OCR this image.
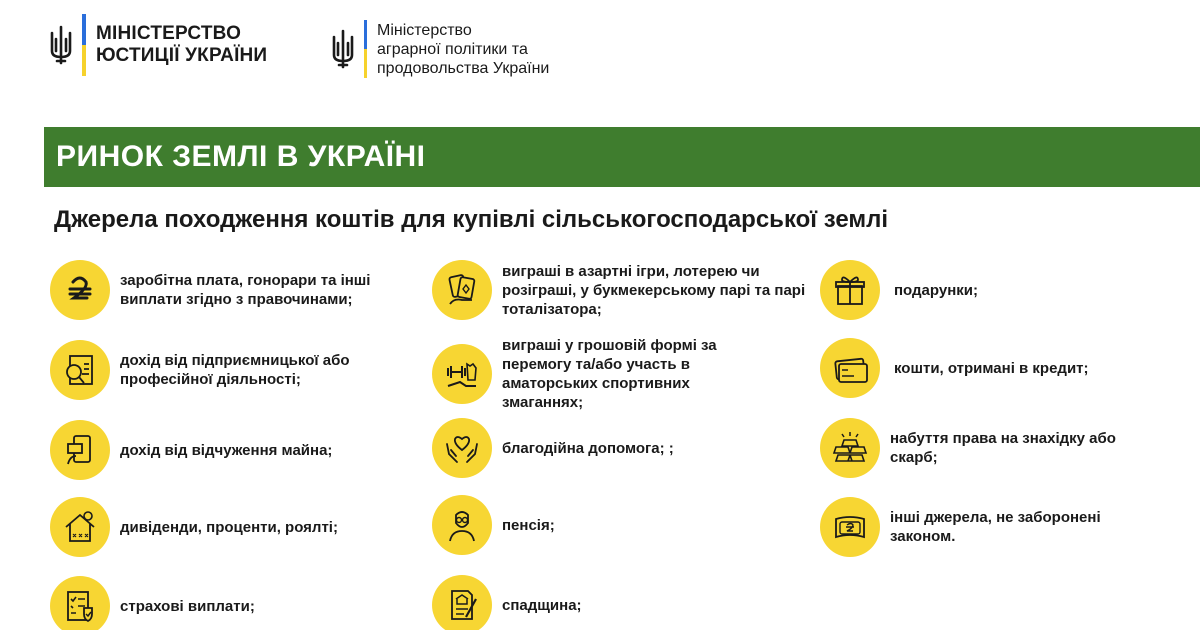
МІНІСТЕРСТВО
ЮСТИЦІЇ УКРАЇНИ
Міністерство
аграрної політики та
продовольства України
РИНОК ЗЕМЛІ В УКРАЇНІ
Джерела походження коштів для купівлі сільськогосподарської землі
заробітна плата, гонорари та інші виплати згідно з правочинами;
дохід від підприємницької або професійної діяльності;
дохід від відчуження майна;
дивіденди, проценти, роялті;
страхові виплати;
виграші в азартні ігри, лотерею чи розіграші, у букмекерському парі та парі тоталізатора;
виграші у грошовій формі за перемогу та/або участь в аматорських спортивних змаганнях;
благодійна допомога; ;
пенсія;
спадщина;
подарунки;
кошти, отримані в кредит;
набуття права на знахідку або скарб;
інші джерела, не заборонені законом.
